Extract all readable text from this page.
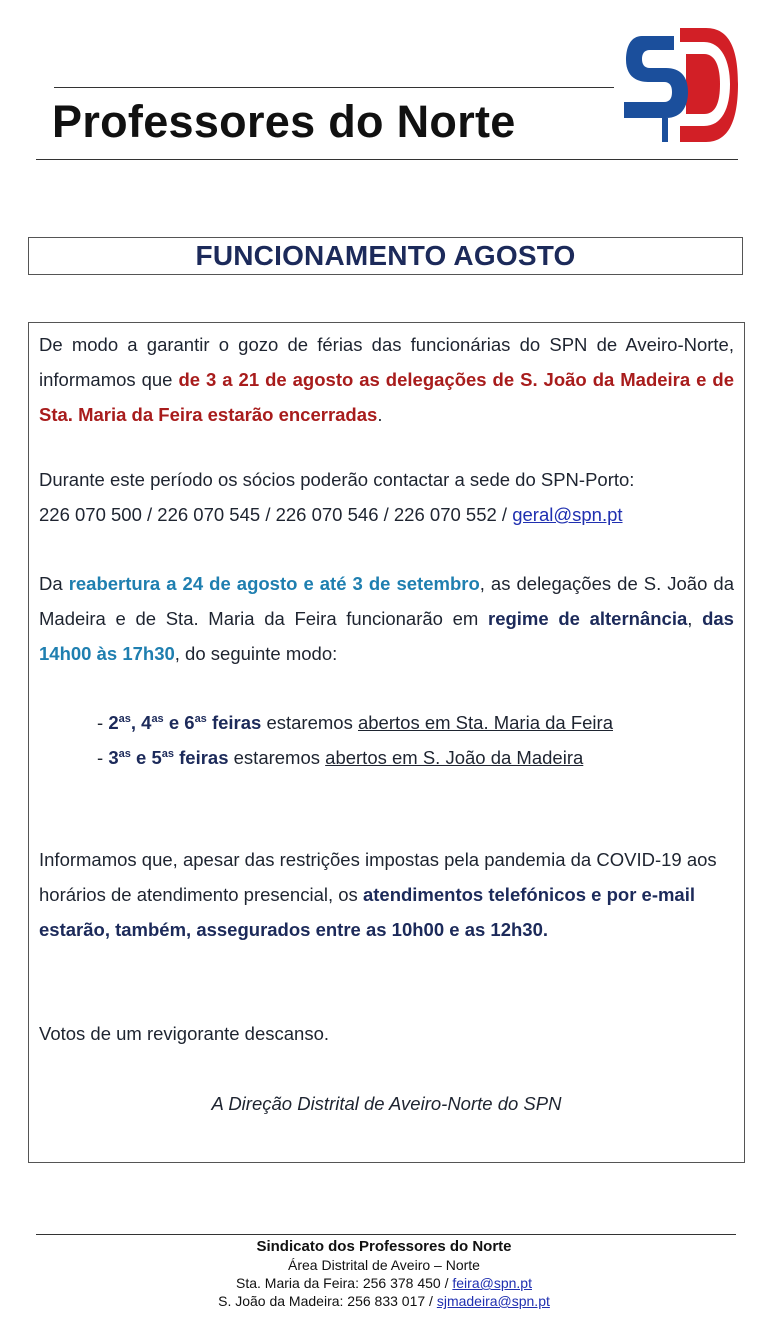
Professores do Norte
FUNCIONAMENTO AGOSTO

De modo a garantir o gozo de férias das funcionárias do SPN de Aveiro-Norte, informamos que de 3 a 21 de agosto as delegações de S. João da Madeira e de Sta. Maria da Feira estarão encerradas.

Durante este período os sócios poderão contactar a sede do SPN-Porto:
226 070 500 / 226 070 545 / 226 070 546 / 226 070 552 / geral@spn.pt

Da reabertura a 24 de agosto e até 3 de setembro, as delegações de S. João da Madeira e de Sta. Maria da Feira funcionarão em regime de alternância, das 14h00 às 17h30, do seguinte modo:

- $2^{as}$, $4^{as}$ e $6^{as}$ feiras estaremos abertos em Sta. Maria da Feira
- $3^{as}$ e $5^{as}$ feiras estaremos abertos em S. João da Madeira

Informamos que, apesar das restrições impostas pela pandemia da COVID-19 aos horários de atendimento presencial, os atendimentos telefónicos e por e-mail estarão, também, assegurados entre as 10h00 e as 12h30.

Votos de um revigorante descanso.

A Direção Distrital de Aveiro-Norte do SPN

Sindicato dos Professores do Norte
Área Distrital de Aveiro – Norte
Sta. Maria da Feira: 256 378 450 / feira@spn.pt
S. João da Madeira: 256 833 017 / sjmadeira@spn.pt
